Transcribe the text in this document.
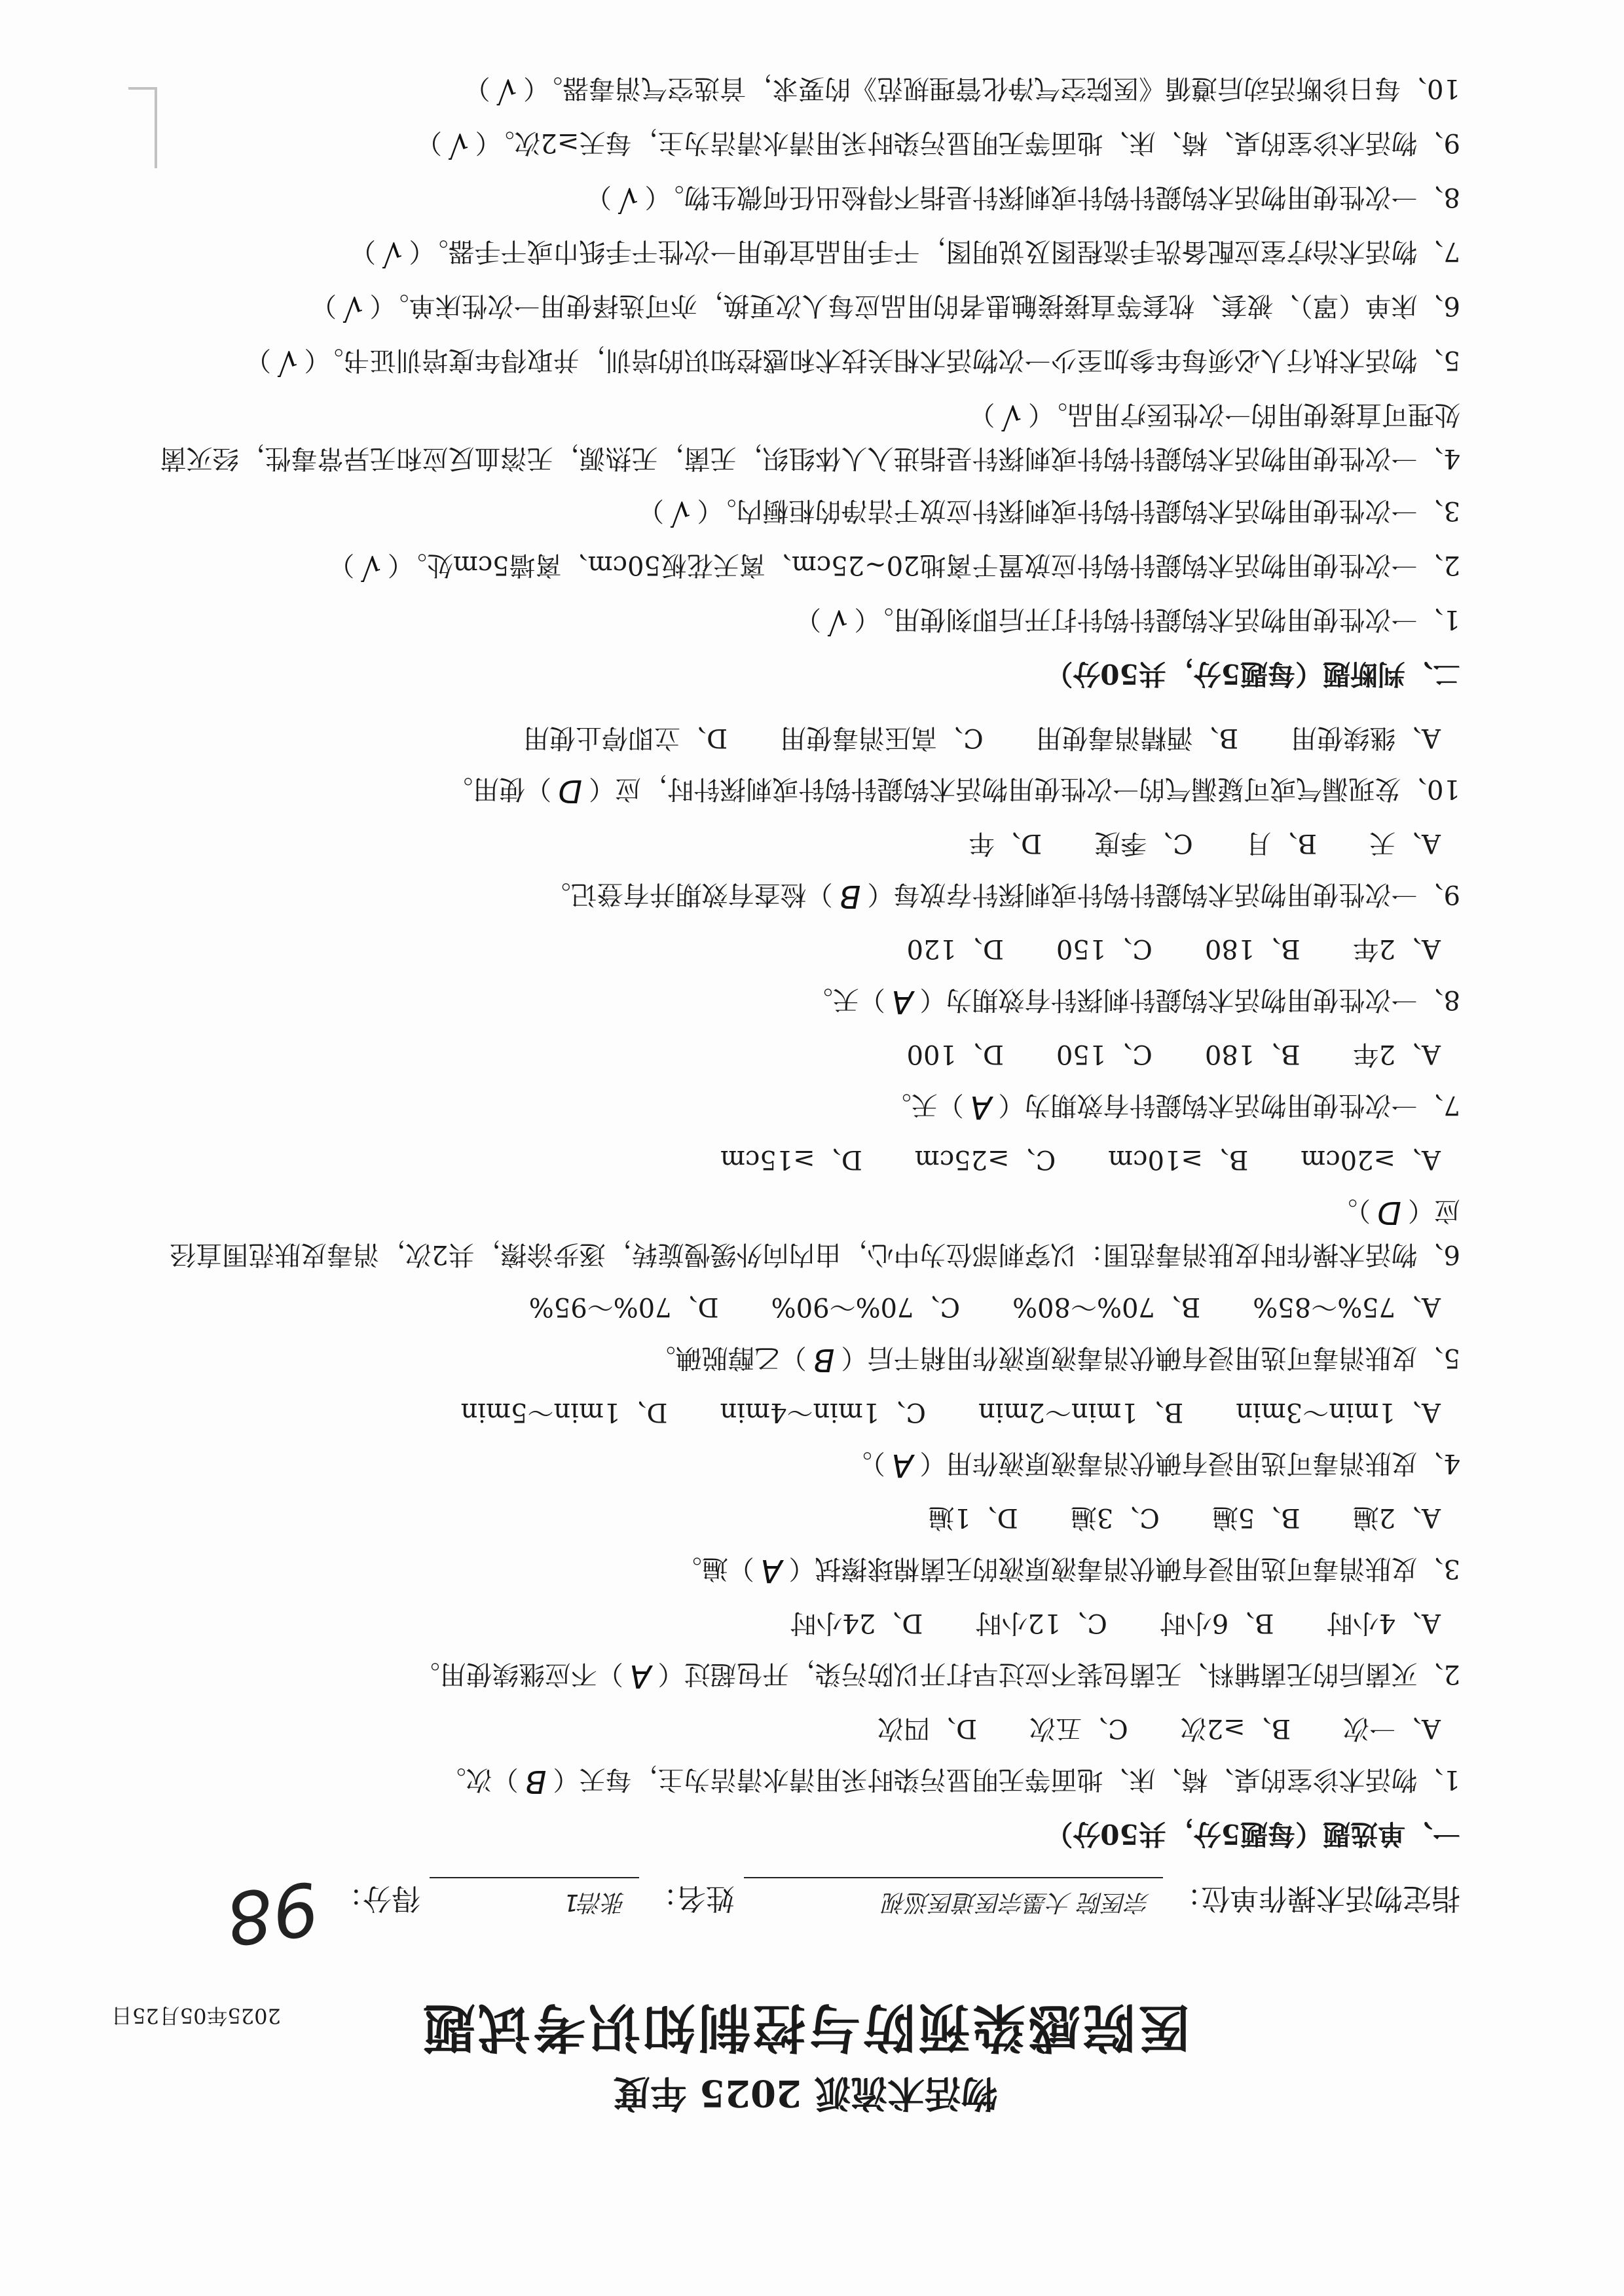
物活术流派 2025 年度
医院感染预防与控制知识考试题
2025年05月25日
指定物活术操作单位：
宗医院 大墨宗医道医巡视
姓名：
张浩1
得分：
98
一、单选题（每题5分，共50分）
1、物活术诊室的桌、椅、床、地面等无明显污染时采用清水清洁为主，每天（B）次。
A、一次　　B、≥2次　　C、五次　　D、四次
2、灭菌后的无菌辅料、无菌包装不应过早打开以防污染，开包超过（A）不应继续使用。
A、4小时　　B、6小时　　C、12小时　　D、24小时
3、皮肤消毒可选用浸有碘伏消毒液原液的无菌棉球擦拭（A）遍。
A、2遍　　B、5遍　　C、3遍　　D、1遍
4、皮肤消毒可选用浸有碘伏消毒液原液作用（A）。
A、1min～3min　　B、1min～2min　　C、1min～4min　　D、1min～5min
5、皮肤消毒可选用浸有碘伏消毒液原液作用稍干后（B）乙醇脱碘。
A、75%～85%　　B、70%～80%　　C、70%～90%　　D、70%～95%
6、物活术操作时皮肤消毒范围：以穿刺部位为中心，由内向外缓慢旋转，逐步涂擦，共2次，消毒皮肤范围直径应（D）。
A、≥20cm　　B、≥10cm　　C、≥25cm　　D、≥15cm
7、一次性使用物活术钩鍉针有效期为（A）天。
A、2年　　B、180　　C、150　　D、100
8、一次性使用物活术钩鍉针刺探针有效期为（A）天。
A、2年　　B、180　　C、150　　D、120
9、一次性使用物活术钩鍉针钩针或刺探针存放每（B）检查有效期并有登记。
A、天　　B、月　　C、季度　　D、年
10、发现漏气或可疑漏气的一次性使用物活术钩鍉针钩针或刺探针时，应（D）使用。
A、继续使用　　B、酒精消毒使用　　C、高压消毒使用　　D、立即停止使用
二、判断题（每题5分，共50分）
1、一次性使用物活术钩鍉针钩针打开后即刻使用。（√）
2、一次性使用物活术钩鍉针钩针应放置于离地20~25cm、离天花板50cm、离墙5cm处。（√）
3、一次性使用物活术钩鍉针钩针或刺探针应放于洁净的柜橱内。（√）
4、一次性使用物活术钩鍉针钩针或刺探针是指进入人体组织，无菌，无热源，无溶血反应和无异常毒性，经灭菌处理可直接使用的一次性医疗用品。（√）
5、物活术执行人必须每年参加至少一次物活术相关技术和感控知识的培训，并取得年度培训证书。（√）
6、床单（罩）、被套、枕套等直接接触患者的用品应每人次更换，亦可选择使用一次性床单。（√）
7、物活术治疗室应配备洗手流程图及说明图，干手用品宜使用一次性干手纸巾或干手器。（√）
8、一次性使用物活术钩鍉针钩针或刺探针是指不得检出任何微生物。（√）
9、物活术诊室的桌、椅、床、地面等无明显污染时采用清水清洁为主，每天≥2次。（√）
10、每日诊断活动后遵循《医院空气净化管理规范》的要求，首选空气消毒器。（√）
